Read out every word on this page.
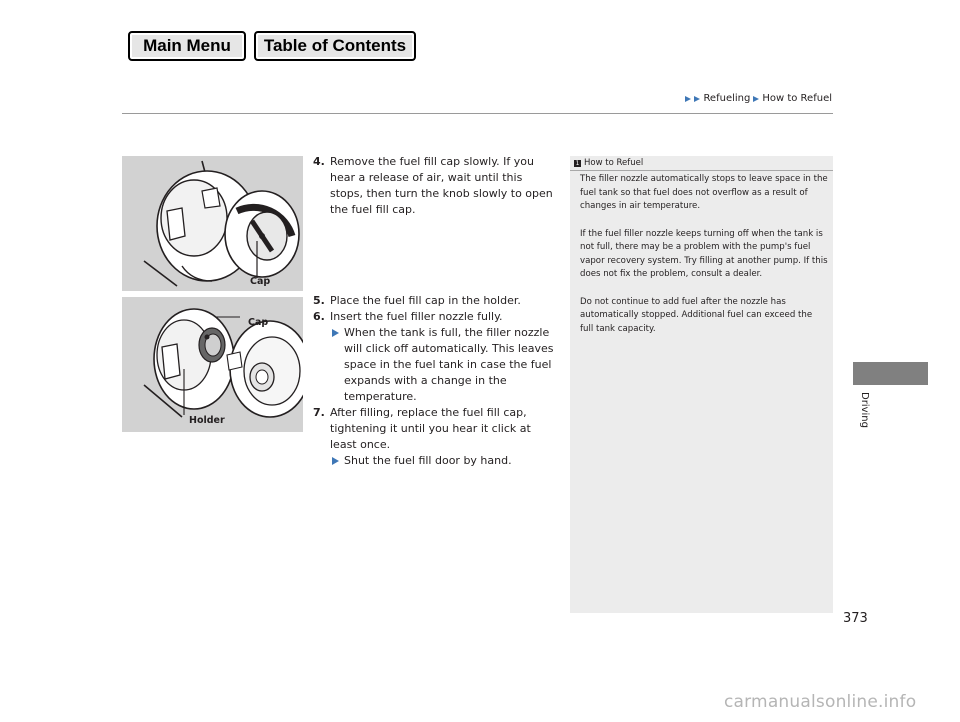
Main Menu	Table of Contents
Refueling How to Refuel
Cap
Cap
Holder
4. Remove the fuel fill cap slowly. If you hear a release of air, wait until this stops, then turn the knob slowly to open the fuel fill cap.
5. Place the fuel fill cap in the holder.
6. Insert the fuel filler nozzle fully.
When the tank is full, the filler nozzle will click off automatically. This leaves space in the fuel tank in case the fuel expands with a change in the temperature.
7. After filling, replace the fuel fill cap, tightening it until you hear it click at least once.
Shut the fuel fill door by hand.
1 How to Refuel

The filler nozzle automatically stops to leave space in the fuel tank so that fuel does not overflow as a result of changes in air temperature.

If the fuel filler nozzle keeps turning off when the tank is not full, there may be a problem with the pump's fuel vapor recovery system. Try filling at another pump. If this does not fix the problem, consult a dealer.

Do not continue to add fuel after the nozzle has automatically stopped. Additional fuel can exceed the full tank capacity.

Driving
373
carmanualsonline.info
